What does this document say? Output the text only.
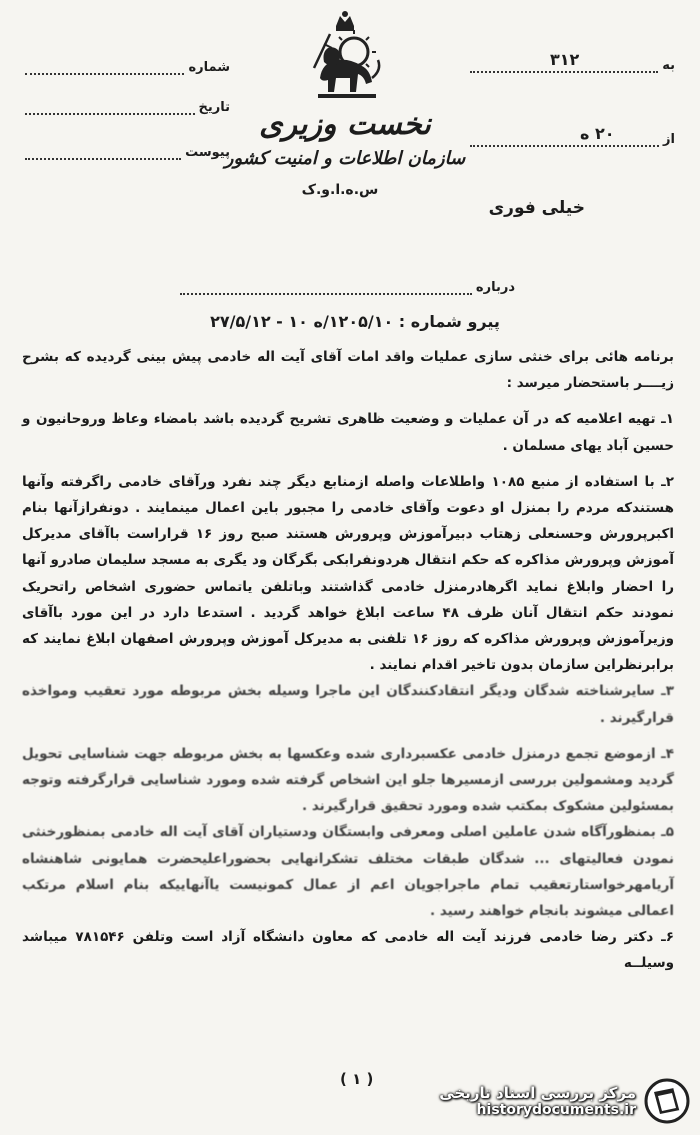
نخست وزیری
سازمان اطلاعات و امنیت کشور
س.ه.ا.و.ک
شماره
تاریخ
پیوست
به
۳۱۲
از
۲۰ ه
خیلی فوری
درباره
پیرو شماره : ۱۲۰۵/۱۰/ه ۱۰ - ۲۷/۵/۱۲

برنامه هائی برای خنثی سازی عملیات واقد امات آقای آیت اله خادمی پیش بینی گردیده که بشرح زیــــر باستحضار میرسد :

۱ـ تهیه اعلامیه که در آن عملیات و وضعیت ظاهری تشریح گردیده باشد بامضاء وعاظ وروحانیون و حسین آباد یهای مسلمان .

۲ـ با استفاده از منبع ۱۰۸۵ واطلاعات واصله ازمنابع دیگر چند نفرد ورآقای خادمی راگرفته وآنها هستندکه مردم را بمنزل او دعوت وآقای خادمی را مجبور باین اعمال مینمایند . دونفرازآنها بنام اکبرپرورش وحسنعلی زهتاب دبیرآموزش وپرورش هستند صبح روز ۱۶ قراراست باآقای مدیرکل آموزش وپرورش مذاکره که حکم انتقال هردونفرابکی بگرگان ود یگری به مسجد سلیمان صادرو آنها را احضار وابلاغ نماید اگرهادرمنزل خادمی گذاشتند وباتلفن یاتماس حضوری اشخاص راتحریک نمودند حکم انتقال آنان ظرف ۴۸ ساعت ابلاغ خواهد گردید . استدعا دارد در این مورد باآقای وزیرآموزش وپرورش مذاکره که روز ۱۶ تلفنی به مدیرکل آموزش وپرورش اصفهان ابلاغ نمایند که برابرنظراین سازمان بدون تاخیر اقدام نمایند .

۳ـ سایرشناخته شدگان ودیگر انتقادکنندگان این ماجرا وسیله بخش مربوطه مورد تعقیب ومواخذه قرارگیرند .

۴ـ ازموضع تجمع درمنزل خادمی عکسبرداری شده وعکسها به بخش مربوطه جهت شناسایی تحویل گردید ومشمولین بررسی ازمسیرها جلو این اشخاص گرفته شده ومورد شناسایی قرارگرفته وتوجه بمسئولین مشکوک بمکتب شده ومورد تحقیق قرارگیرند .

۵ـ بمنظورآگاه شدن عاملین اصلی ومعرفی وابستگان ودستیاران آقای آیت اله خادمی بمنظورخنثی نمودن فعالیتهای ... شدگان طبقات مختلف تشکرانهایی بحضوراعلیحضرت همایونی شاهنشاه آریامهرخواستارتعقیب تمام ماجراجویان اعم از عمال کمونیست یاآنهاییکه بنام اسلام مرتکب اعمالی میشوند بانجام خواهند رسید .

۶ـ دکتر رضا خادمی فرزند آیت اله خادمی که معاون دانشگاه آزاد است وتلفن ۷۸۱۵۴۶ میباشد وسیلــه

( ۱ )
مرکز بررسی اسناد تاریخی
historydocuments.ir
